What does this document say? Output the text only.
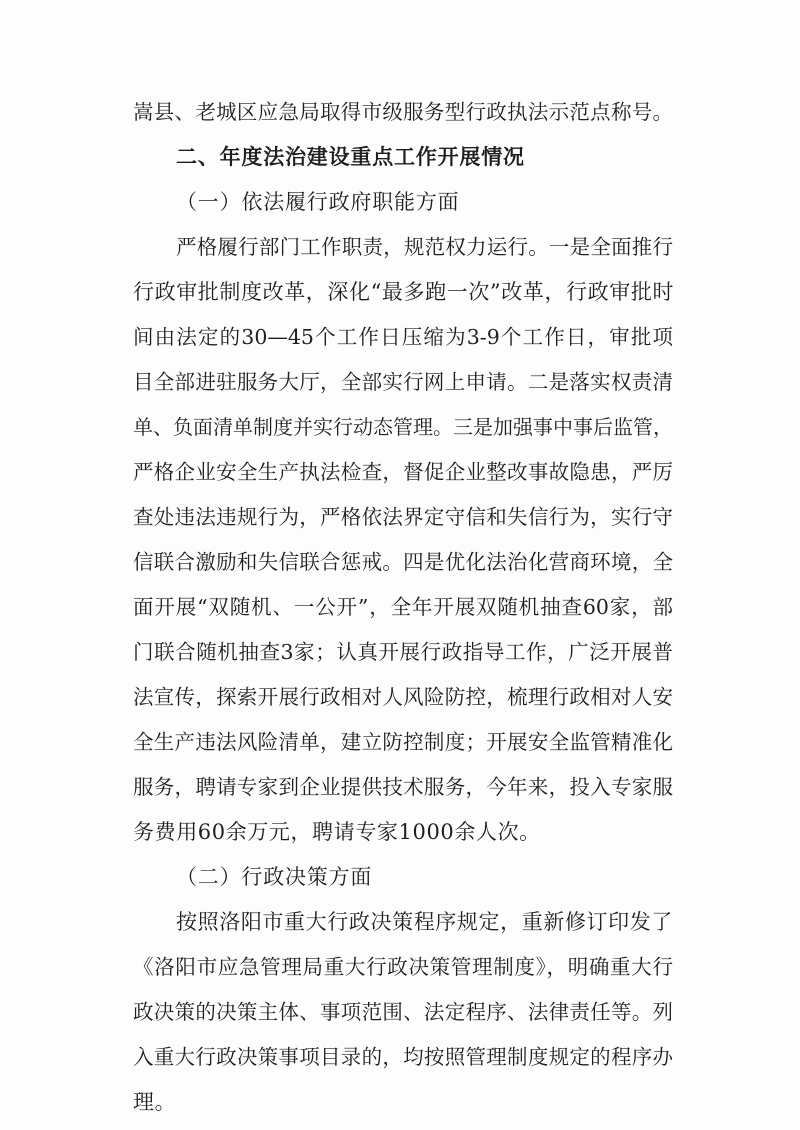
嵩县、老城区应急局取得市级服务型行政执法示范点称号。
二、年度法治建设重点工作开展情况
（一）依法履行政府职能方面
严格履行部门工作职责，规范权力运行。一是全面推行
行政审批制度改革，深化“最多跑一次”改革，行政审批时
间由法定的30—45个工作日压缩为3-9个工作日，审批项
目全部进驻服务大厅，全部实行网上申请。二是落实权责清
单、负面清单制度并实行动态管理。三是加强事中事后监管，
严格企业安全生产执法检查，督促企业整改事故隐患，严厉
查处违法违规行为，严格依法界定守信和失信行为，实行守
信联合激励和失信联合惩戒。四是优化法治化营商环境，全
面开展“双随机、一公开”，全年开展双随机抽查60家，部
门联合随机抽查3家；认真开展行政指导工作，广泛开展普
法宣传，探索开展行政相对人风险防控，梳理行政相对人安
全生产违法风险清单，建立防控制度；开展安全监管精准化
服务，聘请专家到企业提供技术服务，今年来，投入专家服
务费用60余万元，聘请专家1000余人次。
（二）行政决策方面
按照洛阳市重大行政决策程序规定，重新修订印发了
《洛阳市应急管理局重大行政决策管理制度》，明确重大行
政决策的决策主体、事项范围、法定程序、法律责任等。列
入重大行政决策事项目录的，均按照管理制度规定的程序办
理。
